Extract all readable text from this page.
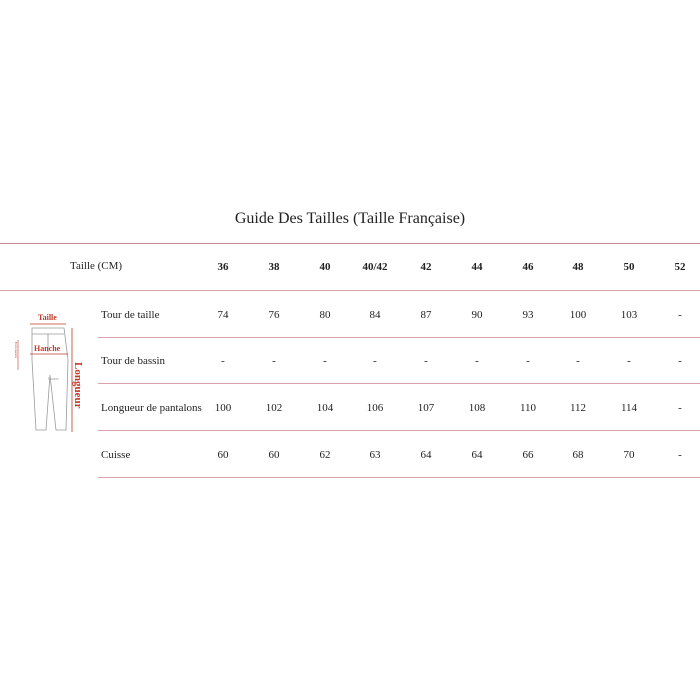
Guide Des Tailles (Taille Française)
Taille (CM)	36	38	40	40/42	42	44	46	48	50	52
Tour de taille	74	76	80	84	87	90	93	100	103	-
Tour de bassin	-	-	-	-	-	-	-	-	-	-
Longueur de pantalons	100	102	104	106	107	108	110	112	114	-
Cuisse	60	60	62	63	64	64	66	68	70	-
Taille
Hanche
Cuisse Longueur
Entrejambe
